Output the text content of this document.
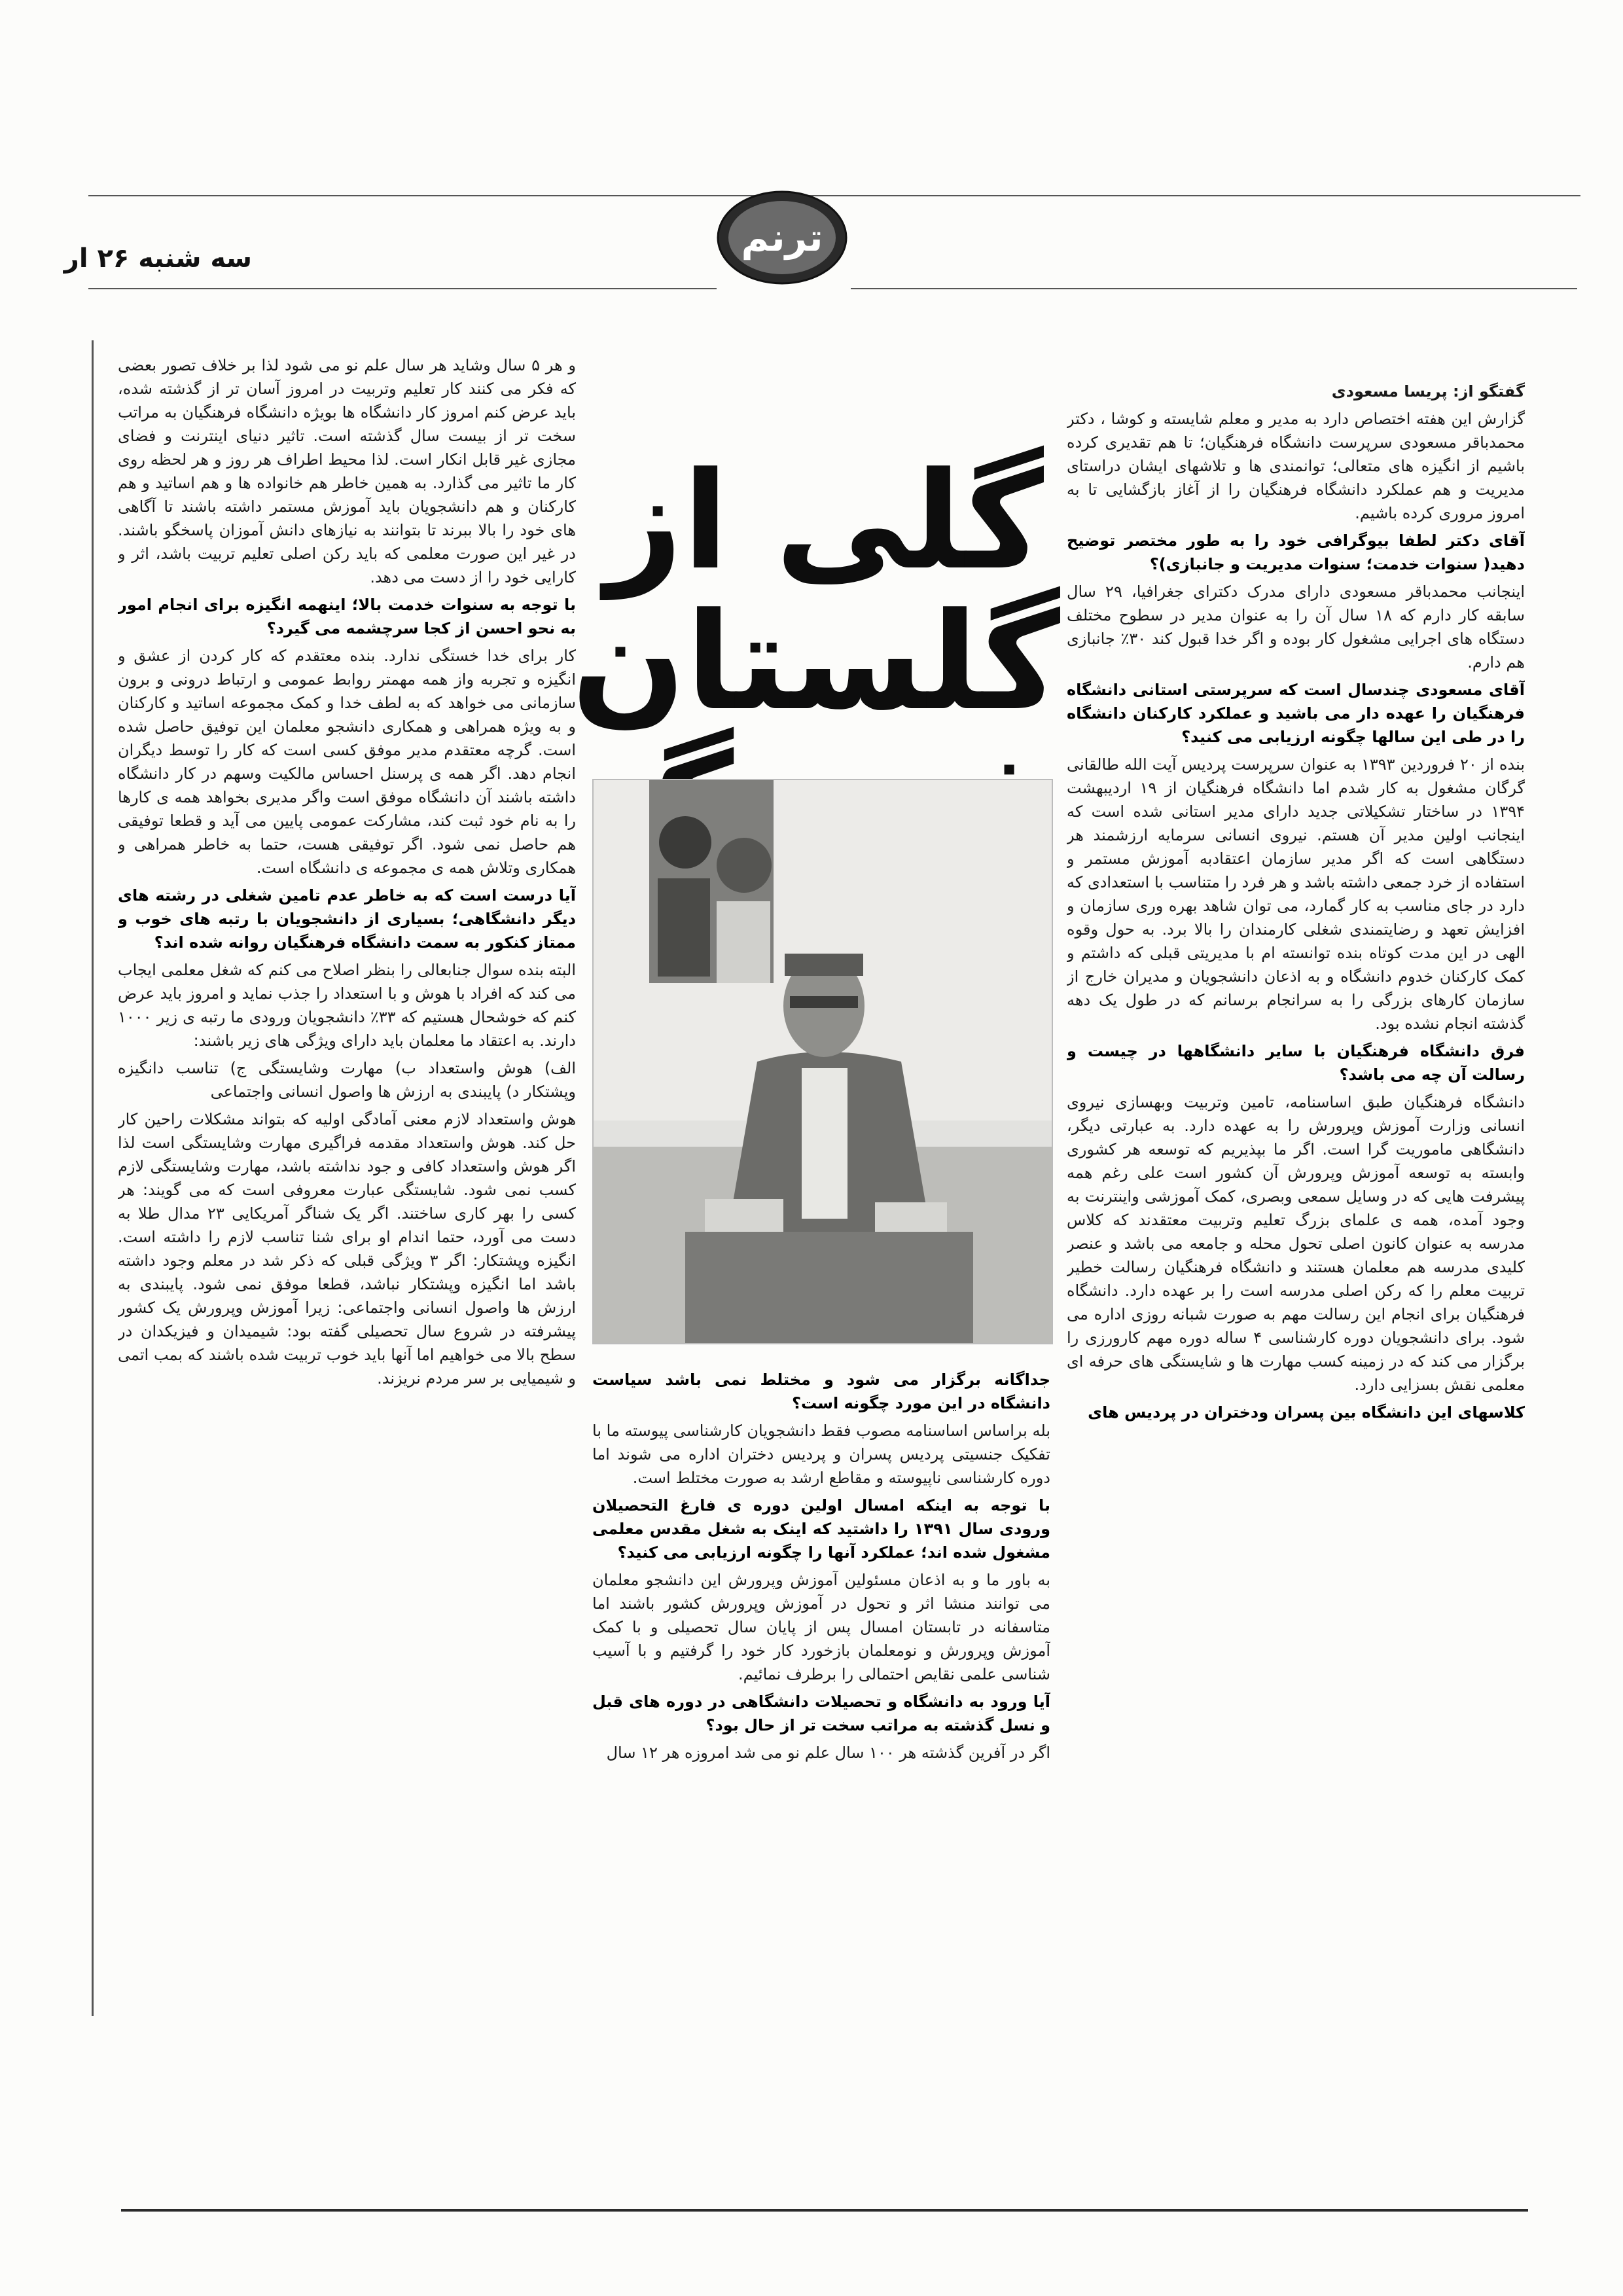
سه شنبه ۲۶ ار	ترنم
گلی از
گلستان

گفتگو از: پریسا مسعودی

گزارش این هفته اختصاص دارد به مدیر و معلم شایسته و کوشا ، دکتر محمدباقر مسعودی سرپرست دانشگاه فرهنگیان؛ تا هم تقدیری کرده باشیم از انگیزه های متعالی؛ توانمندی ها و تلاشهای ایشان دراستای مدیریت و هم عملکرد دانشگاه فرهنگیان را از آغاز بازگشایی تا به امروز مروری کرده باشیم.

آقای دکتر لطفا بیوگرافی خود را به طور مختصر توضیح دهید( سنوات خدمت؛ سنوات مدیریت و جانبازی)؟

اینجانب محمدباقر مسعودی دارای مدرک دکترای جغرافیا، ۲۹ سال سابقه کار دارم که ۱۸ سال آن را به عنوان مدیر در سطوح مختلف دستگاه های اجرایی مشغول کار بوده و اگر خدا قبول کند ۳۰٪ جانبازی هم دارم.

آقای مسعودی چندسال است که سرپرستی استانی دانشگاه فرهنگیان را عهده دار می باشید و عملکرد کارکنان دانشگاه را در طی این سالها چگونه ارزیابی می کنید؟

بنده از ۲۰ فروردین ۱۳۹۳ به عنوان سرپرست پردیس آیت الله طالقانی گرگان مشغول به کار شدم اما دانشگاه فرهنگیان از ۱۹ اردیبهشت ۱۳۹۴ در ساختار تشکیلاتی جدید دارای مدیر استانی شده است که اینجانب اولین مدیر آن هستم. نیروی انسانی سرمایه ارزشمند هر دستگاهی است که اگر مدیر سازمان اعتقادبه آموزش مستمر و استفاده از خرد جمعی داشته باشد و هر فرد را متناسب با استعدادی که دارد در جای مناسب به کار گمارد، می توان شاهد بهره وری سازمان و افزایش تعهد و رضایتمندی شغلی کارمندان را بالا برد. به حول وقوه الهی در این مدت کوتاه بنده توانسته ام با مدیریتی قبلی که داشتم و کمک کارکنان خدوم دانشگاه و به اذعان دانشجویان و مدیران خارج از سازمان کارهای بزرگی را به سرانجام برسانم که در طول یک دهه گذشته انجام نشده بود.

فرق دانشگاه فرهنگیان با سایر دانشگاهها در چیست و رسالت آن چه می باشد؟

دانشگاه فرهنگیان طبق اساسنامه، تامین وتربیت وبهسازی نیروی انسانی وزارت آموزش وپرورش را به عهده دارد. به عبارتی دیگر، دانشگاهی ماموریت گرا است. اگر ما بپذیریم که توسعه هر کشوری وابسته به توسعه آموزش وپرورش آن کشور است علی رغم همه پیشرفت هایی که در وسایل سمعی وبصری، کمک آموزشی واینترنت به وجود آمده، همه ی علمای بزرگ تعلیم وتربیت معتقدند که کلاس مدرسه به عنوان کانون اصلی تحول محله و جامعه می باشد و عنصر کلیدی مدرسه هم معلمان هستند و دانشگاه فرهنگیان رسالت خطیر تربیت معلم را که رکن اصلی مدرسه است را بر عهده دارد. دانشگاه فرهنگیان برای انجام این رسالت مهم به صورت شبانه روزی اداره می شود. برای دانشجویان دوره کارشناسی ۴ ساله دوره مهم کارورزی را برگزار می کند که در زمینه کسب مهارت ها و شایستگی های حرفه ای معلمی نقش بسزایی دارد.

کلاسهای این دانشگاه بین پسران ودختران در پردیس های

جداگانه برگزار می شود و مختلط نمی باشد سیاست دانشگاه در این مورد چگونه است؟

بله براساس اساسنامه مصوب فقط دانشجویان کارشناسی پیوسته ما با تفکیک جنسیتی پردیس پسران و پردیس دختران اداره می شوند اما دوره کارشناسی ناپیوسته و مقاطع ارشد به صورت مختلط است.

با توجه به اینکه امسال اولین دوره ی فارغ التحصیلان ورودی سال ۱۳۹۱ را داشتید که اینک به شغل مقدس معلمی مشغول شده اند؛ عملکرد آنها را چگونه ارزیابی می کنید؟

به باور ما و به اذعان مسئولین آموزش وپرورش این دانشجو معلمان می توانند منشا اثر و تحول در آموزش وپرورش کشور باشند اما متاسفانه در تابستان امسال پس از پایان سال تحصیلی و با کمک آموزش وپرورش و نومعلمان بازخورد کار خود را گرفتیم و با آسیب شناسی علمی نقایص احتمالی را برطرف نمائیم.

آیا ورود به دانشگاه و تحصیلات دانشگاهی در دوره های قبل و نسل گذشته به مراتب سخت تر از حال بود؟

اگر در آفرین گذشته هر ۱۰۰ سال علم نو می شد امروزه هر ۱۲ سال

و هر ۵ سال وشاید هر سال علم نو می شود لذا بر خلاف تصور بعضی که فکر می کنند کار تعلیم وتربیت در امروز آسان تر از گذشته شده، باید عرض کنم امروز کار دانشگاه ها بویژه دانشگاه فرهنگیان به مراتب سخت تر از بیست سال گذشته است. تاثیر دنیای اینترنت و فضای مجازی غیر قابل انکار است. لذا محیط اطراف هر روز و هر لحظه روی کار ما تاثیر می گذارد. به همین خاطر هم خانواده ها و هم اساتید و هم کارکنان و هم دانشجویان باید آموزش مستمر داشته باشند تا آگاهی های خود را بالا ببرند تا بتوانند به نیازهای دانش آموزان پاسخگو باشند. در غیر این صورت معلمی که باید رکن اصلی تعلیم تربیت باشد، اثر و کارایی خود را از دست می دهد.

با توجه به سنوات خدمت بالا؛ اینهمه انگیزه برای انجام امور به نحو احسن از کجا سرچشمه می گیرد؟

کار برای خدا خستگی ندارد. بنده معتقدم که کار کردن از عشق و انگیزه و تجربه واز همه مهمتر روابط عمومی و ارتباط درونی و برون سازمانی می خواهد که به لطف خدا و کمک مجموعه اساتید و کارکنان و به ویژه همراهی و همکاری دانشجو معلمان این توفیق حاصل شده است. گرچه معتقدم مدیر موفق کسی است که کار را توسط دیگران انجام دهد. اگر همه ی پرسنل احساس مالکیت وسهم در کار دانشگاه داشته باشند آن دانشگاه موفق است واگر مدیری بخواهد همه ی کارها را به نام خود ثبت کند، مشارکت عمومی پایین می آید و قطعا توفیقی هم حاصل نمی شود. اگر توفیقی هست، حتما به خاطر همراهی و همکاری وتلاش همه ی مجموعه ی دانشگاه است.

آیا درست است که به خاطر عدم تامین شغلی در رشته های دیگر دانشگاهی؛ بسیاری از دانشجویان با رتبه های خوب و ممتاز کنکور به سمت دانشگاه فرهنگیان روانه شده اند؟

البته بنده سوال جنابعالی را بنظر اصلاح می کنم که شغل معلمی ایجاب می کند که افراد با هوش و با استعداد را جذب نماید و امروز باید عرض کنم که خوشحال هستیم که ۳۳٪ دانشجویان ورودی ما رتبه ی زیر ۱۰۰۰ دارند. به اعتقاد ما معلمان باید دارای ویژگی های زیر باشند:

الف) هوش واستعداد ب) مهارت وشایستگی ج) تناسب دانگیزه وپشتکار د) پایبندی به ارزش ها واصول انسانی واجتماعی

هوش واستعداد لازم معنی آمادگی اولیه که بتواند مشکلات راحین کار حل کند. هوش واستعداد مقدمه فراگیری مهارت وشایستگی است لذا اگر هوش واستعداد کافی و جود نداشته باشد، مهارت وشایستگی لازم کسب نمی شود. شایستگی عبارت معروفی است که می گویند: هر کسی را بهر کاری ساختند. اگر یک شناگر آمریکایی ۲۳ مدال طلا به دست می آورد، حتما اندام او برای شنا تناسب لازم را داشته است. انگیزه وپشتکار: اگر ۳ ویژگی قبلی که ذکر شد در معلم وجود داشته باشد اما انگیزه وپشتکار نباشد، قطعا موفق نمی شود. پایبندی به ارزش ها واصول انسانی واجتماعی: زیرا آموزش وپرورش یک کشور پیشرفته در شروع سال تحصیلی گفته بود: شیمیدان و فیزیکدان در سطح بالا می خواهیم اما آنها باید خوب تربیت شده باشند که بمب اتمی و شیمیایی بر سر مردم نریزند.
